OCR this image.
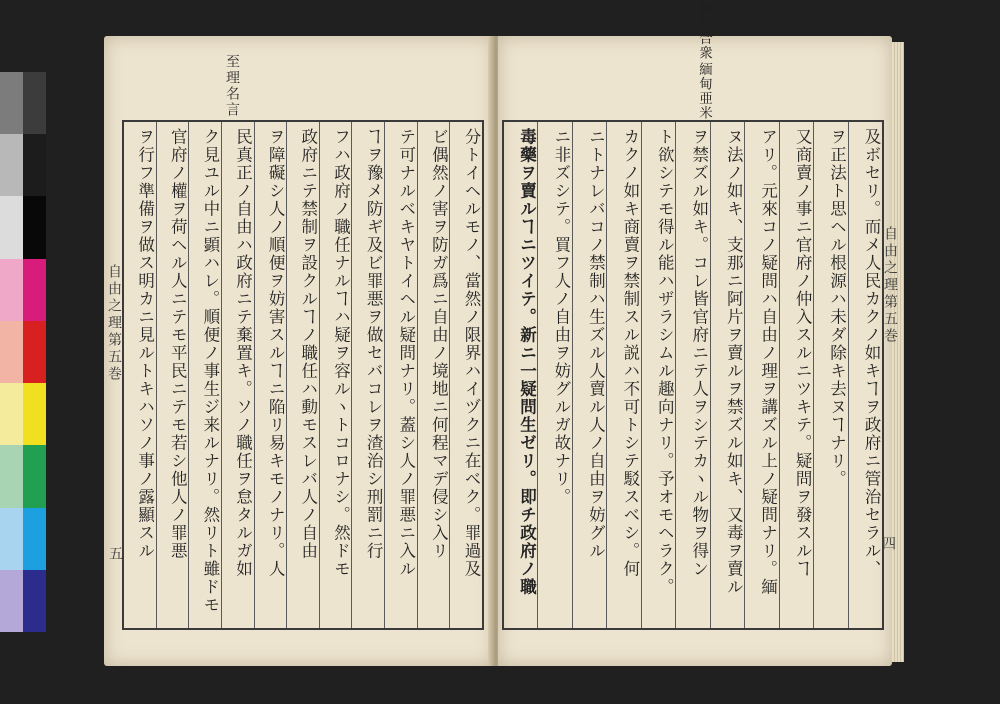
至理名言
自由之理第五巻
五	分トイヘルモノ、當然ノ限界ハイヅクニ在ベク。罪過及
ビ偶然ノ害ヲ防ガ爲ニ自由ノ境地ニ何程マデ侵シ入リ
テ可ナルベキヤトイヘル疑問ナリ。蓋シ人ノ罪悪ニ入ル
ヿヲ豫メ防ギ及ビ罪悪ヲ做セバコレヲ渣治シ刑罰ニ行
フハ政府ノ職任ナルヿハ疑ヲ容ルヽトコロナシ。然ドモ
政府ニテ禁制ヲ設クルヿノ職任ハ動モスレバ人ノ自由
ヲ障礙シ人ノ順便ヲ妨害スルヿニ陥リ易キモノナリ。人
民真正ノ自由ハ政府ニテ棄置キ。ソノ職任ヲ怠タルガ如
ク見ユル中ニ顕ハレ。順便ノ事生ジ来ルナリ。然リト雖ドモ
官府ノ權ヲ荷ヘル人ニテモ平民ニテモ若シ他人ノ罪悪
ヲ行フ準備ヲ做ス明カニ見ルトキハソノ事ノ露顯スル
緬甸亜米
利加合衆
自由之理第五巻
四
及ボセリ。而メ人民カクノ如キヿヲ政府ニ管治セラル、
ヲ正法ト思ヘル根源ハ未ダ除キ去ヌヿナリ。
又商賣ノ事ニ官府ノ仲入スルニツキテ。疑問ヲ發スルヿ
アリ。元來コノ疑問ハ自由ノ理ヲ講ズル上ノ疑問ナリ。緬
ヌ法ノ如キ、支那ニ阿片ヲ賣ルヲ禁ズル如キ、又毒ヲ賣ル
ヲ禁ズル如キ。コレ皆官府ニテ人ヲシテカヽル物ヲ得ン
ト欲シテモ得ル能ハザラシムル趣向ナリ。予オモヘラク。
カクノ如キ商賣ヲ禁制スル説ハ不可トシテ駁スベシ。何
ニトナレバコノ禁制ハ生ズル人賣ル人ノ自由ヲ妨グル
ニ非ズシテ。買フ人ノ自由ヲ妨グルガ故ナリ。
毒藥ヲ賣ルヿニツイテ。新ニ一疑問生ゼリ。即チ政府ノ職
